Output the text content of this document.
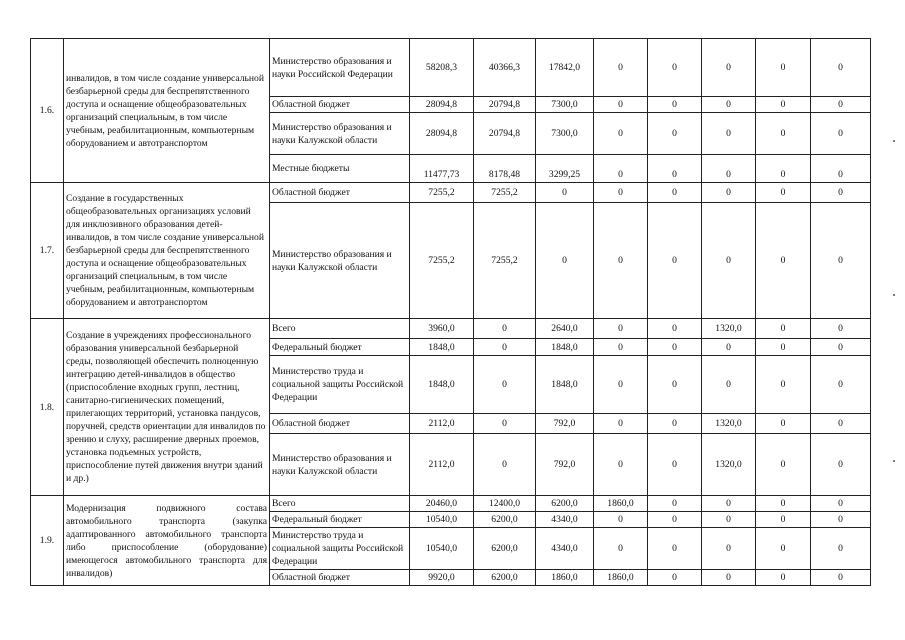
1.6.	инвалидов, в том числе создание универсальной безбарьерной среды для беспрепятственного доступа и оснащение общеобразовательных организаций специальным, в том числе учебным, реабилитационным, компьютерным оборудованием и автотранспортом	Министерство образования и науки Российской Федерации	58208,3	40366,3	17842,0	0	0	0	0	0
		Областной бюджет	28094,8	20794,8	7300,0	0	0	0	0	0
		Министерство образования и науки Калужской области	28094,8	20794,8	7300,0	0	0	0	0	0
		Местные бюджеты	11477,73	8178,48	3299,25	0	0	0	0	0
1.7.	Создание в государственных общеобразовательных организациях условий для инклюзивного образования детей-инвалидов, в том числе создание универсальной безбарьерной среды для беспрепятственного доступа и оснащение общеобразовательных организаций специальным, в том числе учебным, реабилитационным, компьютерным оборудованием и автотранспортом	Областной бюджет	7255,2	7255,2	0	0	0	0	0	0
		Министерство образования и науки Калужской области	7255,2	7255,2	0	0	0	0	0	0
1.8.	Создание в учреждениях профессионального образования универсальной безбарьерной среды, позволяющей обеспечить полноценную интеграцию детей-инвалидов в общество (приспособление входных групп, лестниц, санитарно-гигиенических помещений, прилегающих территорий, установка пандусов, поручней, средств ориентации для инвалидов по зрению и слуху, расширение дверных проемов, установка подъемных устройств, приспособление путей движения внутри зданий и др.)	Всего	3960,0	0	2640,0	0	0	1320,0	0	0
		Федеральный бюджет	1848,0	0	1848,0	0	0	0	0	0
		Министерство труда и социальной защиты Российской Федерации	1848,0	0	1848,0	0	0	0	0	0
		Областной бюджет	2112,0	0	792,0	0	0	1320,0	0	0
		Министерство образования и науки Калужской области	2112,0	0	792,0	0	0	1320,0	0	0
1.9.	Модернизация подвижного состава автомобильного транспорта (закупка адаптированного автомобильного транспорта либо приспособление (оборудование) имеющегося автомобильного транспорта для инвалидов)	Всего	20460,0	12400,0	6200,0	1860,0	0	0	0	0
		Федеральный бюджет	10540,0	6200,0	4340,0	0	0	0	0	0
		Министерство труда и социальной защиты Российской Федерации	10540,0	6200,0	4340,0	0	0	0	0	0
		Областной бюджет	9920,0	6200,0	1860,0	1860,0	0	0	0	0
